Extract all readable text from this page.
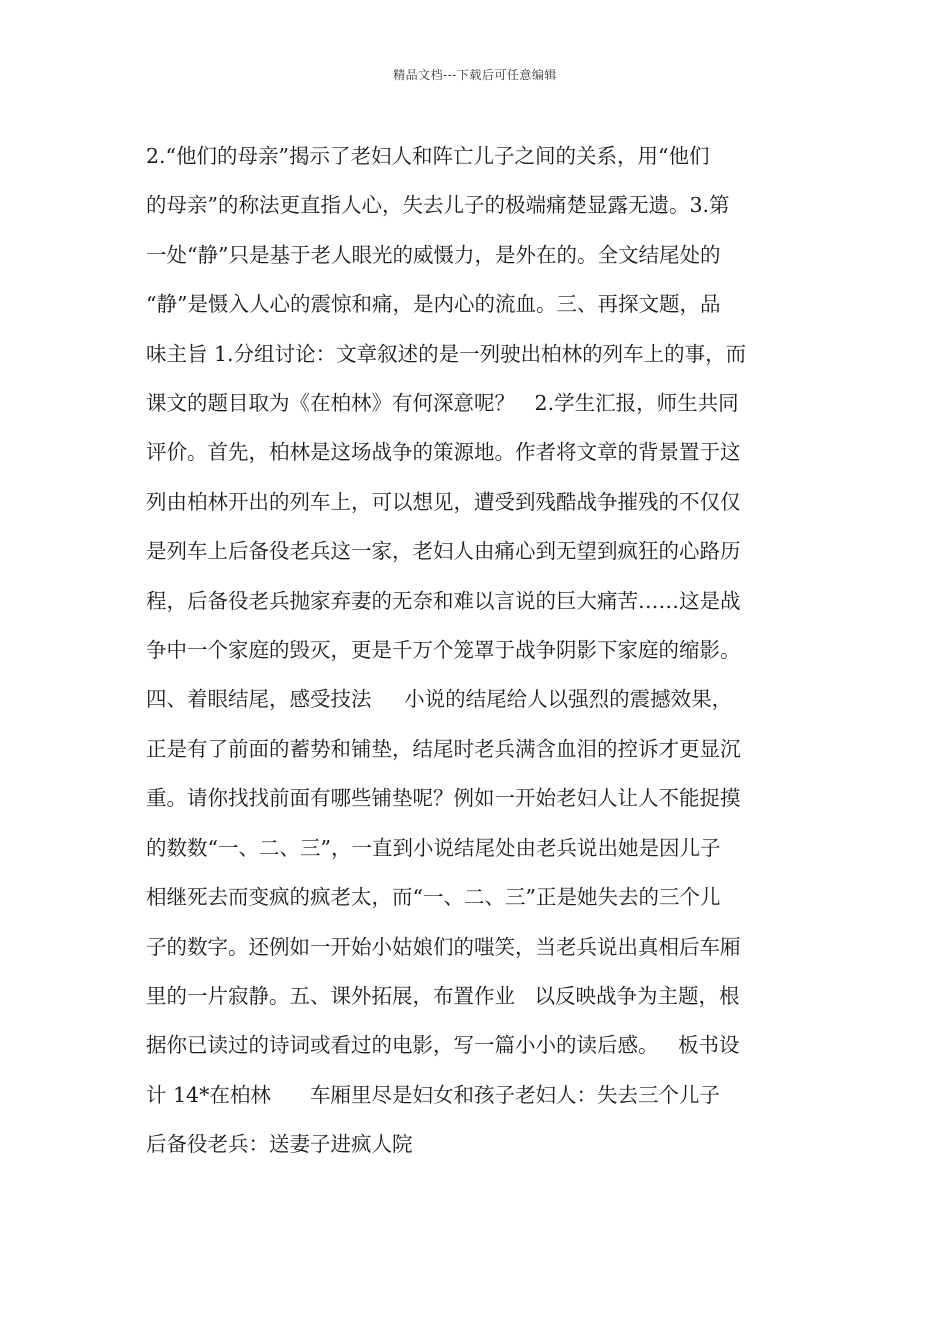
精品文档---下载后可任意编辑
2.“他们的母亲”揭示了老妇人和阵亡儿子之间的关系，用“他们
的母亲”的称法更直指人心，失去儿子的极端痛楚显露无遗。3.第
一处“静”只是基于老人眼光的威慑力，是外在的。全文结尾处的
“静”是慑入人心的震惊和痛，是内心的流血。三、再探文题，品
味主旨 1.分组讨论：文章叙述的是一列驶出柏林的列车上的事，而
课文的题目取为《在柏林》有何深意呢？   2.学生汇报，师生共同
评价。首先，柏林是这场战争的策源地。作者将文章的背景置于这
列由柏林开出的列车上，可以想见，遭受到残酷战争摧残的不仅仅
是列车上后备役老兵这一家，老妇人由痛心到无望到疯狂的心路历
程，后备役老兵抛家弃妻的无奈和难以言说的巨大痛苦……这是战
争中一个家庭的毁灭，更是千万个笼罩于战争阴影下家庭的缩影。
四、着眼结尾，感受技法     小说的结尾给人以强烈的震撼效果，
正是有了前面的蓄势和铺垫，结尾时老兵满含血泪的控诉才更显沉
重。请你找找前面有哪些铺垫呢？例如一开始老妇人让人不能捉摸
的数数“一、二、三”，一直到小说结尾处由老兵说出她是因儿子
相继死去而变疯的疯老太，而“一、二、三”正是她失去的三个儿
子的数字。还例如一开始小姑娘们的嗤笑，当老兵说出真相后车厢
里的一片寂静。五、课外拓展，布置作业   以反映战争为主题，根
据你已读过的诗词或看过的电影，写一篇小小的读后感。   板书设
计 14*在柏林      车厢里尽是妇女和孩子老妇人：失去三个儿子
后备役老兵：送妻子进疯人院
